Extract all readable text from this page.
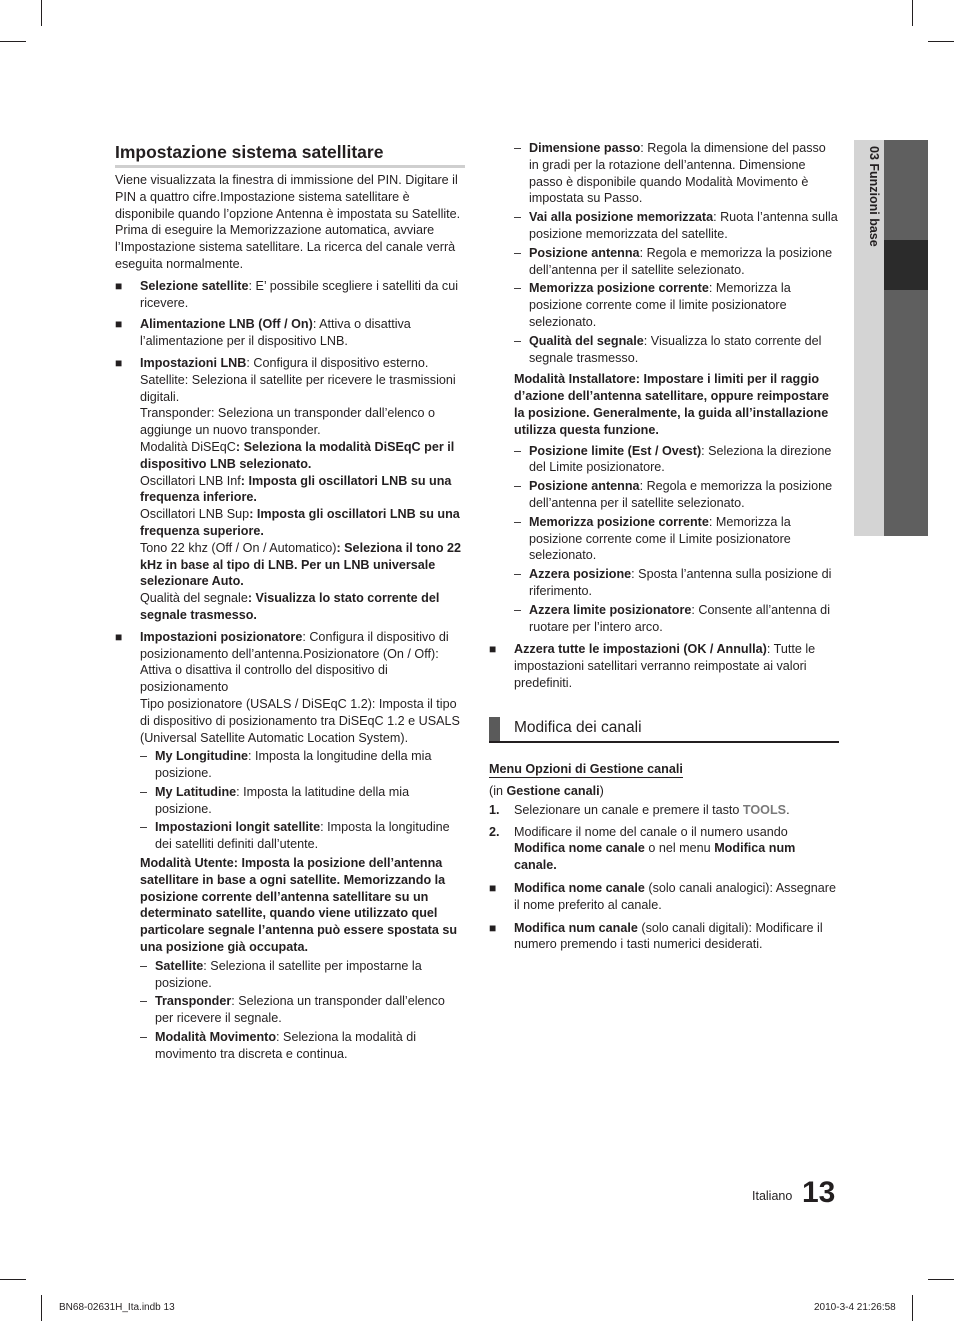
03 Funzioni base
Impostazione sistema satellitare

Viene visualizzata la finestra di immissione del PIN. Digitare il PIN a quattro cifre.Impostazione sistema satellitare è disponibile quando l’opzione Antenna è impostata su Satellite. Prima di eseguire la Memorizzazione automatica, avviare l’Impostazione sistema satellitare. La ricerca del canale verrà eseguita normalmente.

■ Selezione satellite: E’ possibile scegliere i satelliti da cui ricevere.
■ Alimentazione LNB (Off / On): Attiva o disattiva l’alimentazione per il dispositivo LNB.
■ Impostazioni LNB: Configura il dispositivo esterno.

Satellite: Seleziona il satellite per ricevere le trasmissioni digitali.

Transponder: Seleziona un transponder dall’elenco o aggiunge un nuovo transponder.

Modalità DiSEqC: Seleziona la modalità DiSEqC per il dispositivo LNB selezionato.

Oscillatori LNB Inf: Imposta gli oscillatori LNB su una frequenza inferiore.

Oscillatori LNB Sup: Imposta gli oscillatori LNB su una frequenza superiore.

Tono 22 khz (Off / On / Automatico): Seleziona il tono 22 kHz in base al tipo di LNB. Per un LNB universale selezionare Auto.

Qualità del segnale: Visualizza lo stato corrente del segnale trasmesso.

■ Impostazioni posizionatore: Configura il dispositivo di posizionamento dell’antenna.Posizionatore (On / Off): Attiva o disattiva il controllo del dispositivo di posizionamento

Tipo posizionatore (USALS / DiSEqC 1.2): Imposta il tipo di dispositivo di posizionamento tra DiSEqC 1.2 e USALS (Universal Satellite Automatic Location System).

– My Longitudine: Imposta la longitudine della mia posizione.
– My Latitudine: Imposta la latitudine della mia posizione.
– Impostazioni longit satellite: Imposta la longitudine dei satelliti definiti dall’utente.

Modalità Utente: Imposta la posizione dell’antenna satellitare in base a ogni satellite. Memorizzando la posizione corrente dell’antenna satellitare su un determinato satellite, quando viene utilizzato quel particolare segnale l’antenna può essere spostata su una posizione già occupata.

– Satellite: Seleziona il satellite per impostarne la posizione.
– Transponder: Seleziona un transponder dall’elenco per ricevere il segnale.
– Modalità Movimento: Seleziona la modalità di movimento tra discreta e continua.
– Dimensione passo: Regola la dimensione del passo in gradi per la rotazione dell’antenna. Dimensione passo è disponibile quando Modalità Movimento è impostata su Passo.
– Vai alla posizione memorizzata: Ruota l’antenna sulla posizione memorizzata del satellite.
– Posizione antenna: Regola e memorizza la posizione dell’antenna per il satellite selezionato.
– Memorizza posizione corrente: Memorizza la posizione corrente come il limite posizionatore selezionato.
– Qualità del segnale: Visualizza lo stato corrente del segnale trasmesso.

Modalità Installatore: Impostare i limiti per il raggio d’azione dell’antenna satellitare, oppure reimpostare la posizione. Generalmente, la guida all’installazione utilizza questa funzione.

– Posizione limite (Est / Ovest): Seleziona la direzione del Limite posizionatore.
– Posizione antenna: Regola e memorizza la posizione dell’antenna per il satellite selezionato.
– Memorizza posizione corrente: Memorizza la posizione corrente come il Limite posizionatore selezionato.
– Azzera posizione: Sposta l’antenna sulla posizione di riferimento.
– Azzera limite posizionatore: Consente all’antenna di ruotare per l’intero arco.
■ Azzera tutte le impostazioni (OK / Annulla): Tutte le impostazioni satellitari verranno reimpostate ai valori predefiniti.
Modifica dei canali

Menu Opzioni di Gestione canali

(in Gestione canali)

1. Selezionare un canale e premere il tasto TOOLS.
2. Modificare il nome del canale o il numero usando Modifica nome canale o nel menu Modifica num canale.
■ Modifica nome canale (solo canali analogici): Assegnare il nome preferito al canale.
■ Modifica num canale (solo canali digitali): Modificare il numero premendo i tasti numerici desiderati.
Italiano 13
BN68-02631H_Ita.indb 13	2010-3-4 21:26:58
